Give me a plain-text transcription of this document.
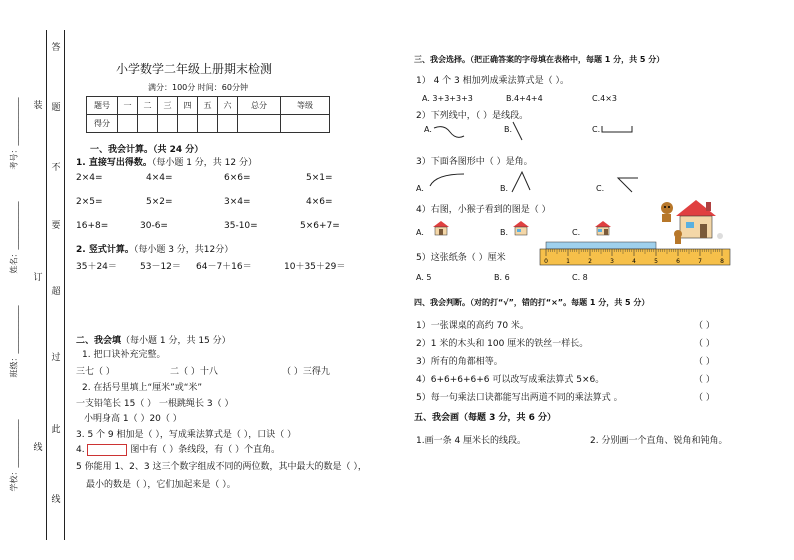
答
题
不
要
超
过
此
线
装
订
线
考号：____________
姓名：____________
班级：____________
学校：____________
小学数学二年级上册期末检测
满分：100分 时间：60分钟
题号	一	二	三	四	五	六	总分	等级
得分								
一、我会计算。（共 24 分）
1. 直接写出得数。（每小题 1 分，共 12 分）
2×4=	4×4=	6×6=	5×1=
2×5=	5×2=	3×4=	4×6=
16+8=	30-6=	35-10=	5×6+7=
2. 竖式计算。（每小题 3 分，共12分）
35＋24＝	53－12＝ 64－7＋16＝	10＋35＋29＝
二、我会填（每小题 1 分，共 15 分）
1. 把口诀补充完整。
三七（ ）	二（ ）十八	（ ）三得九
2. 在括号里填上“厘米”或“米”
一支铅笔长 15（ ） 一根跳绳长 3（ ）
小明身高 1（ ）20（ ）
3. 5 个 9 相加是（ ），写成乘法算式是（ ），口诀（ ）
4.	图中有（ ）条线段，有（ ）个直角。
5 你能用 1、2、3 这三个数字组成不同的两位数，其中最大的数是（ ），
最小的数是（ ），它们加起来是（ ）。
三、我会选择。（把正确答案的字母填在表格中，每题 1 分，共 5 分）
1） 4 个 3 相加列成乘法算式是（ ）。
A. 3+3+3+3	B.4+4+4	C.4×3
2）下列线中，（ ）是线段。
A.	B.	C.
3）下面各图形中（ ）是角。
A.	B.	C.
4）右图，小猴子看到的图是（ ）
A.	B.	C.
5）这张纸条（ ）厘米	0	1	2	3	4	5	6	7	8
A. 5	B. 6	C. 8
四、我会判断。（对的打“√”，错的打“×”。每题 1 分，共 5 分）
1）一张课桌的高约 70 米。	（ ）
2）1 米的木头和 100 厘米的铁丝一样长。	（ ）
3）所有的角都相等。	（ ）
4）6+6+6+6+6 可以改写成乘法算式 5×6。	（ ）
5）每一句乘法口诀都能写出两道不同的乘法算式 。	（ ）
五、我会画（每题 3 分，共 6 分）
1.画一条 4 厘米长的线段。	2. 分别画一个直角、锐角和钝角。
